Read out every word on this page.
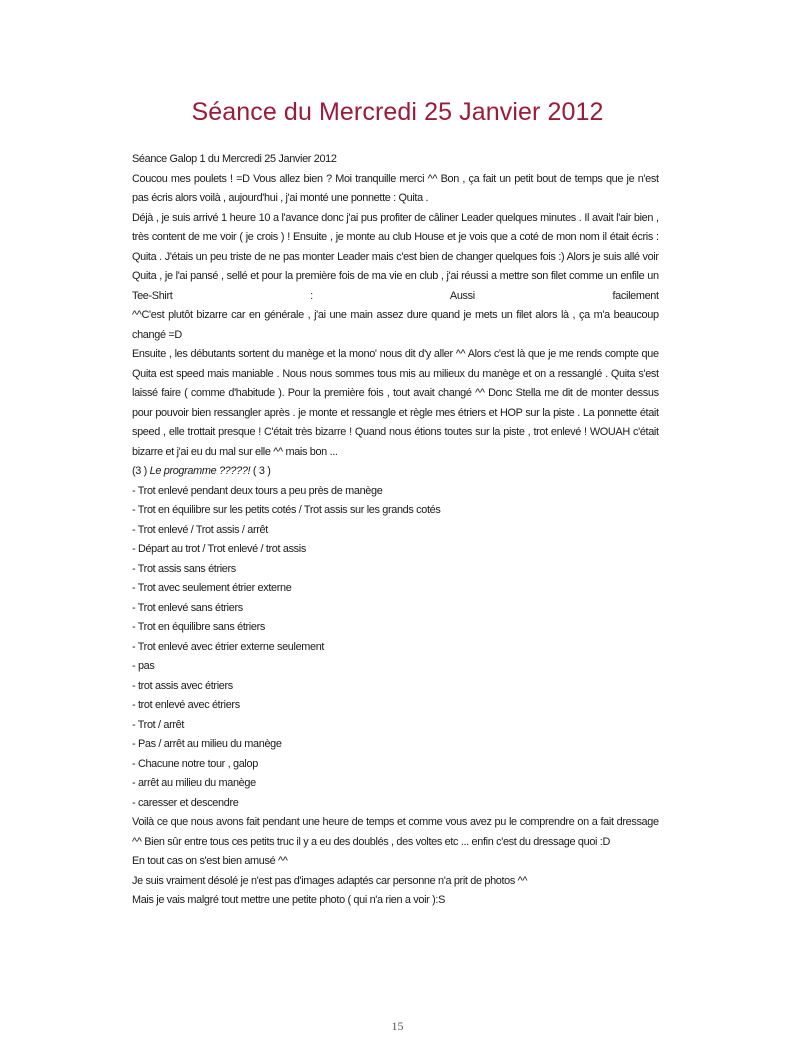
Séance du Mercredi 25 Janvier 2012

Séance Galop 1 du Mercredi 25 Janvier 2012

Coucou mes poulets ! =D Vous allez bien ? Moi tranquille merci ^^ Bon , ça fait un petit bout de temps que je n'est pas écris alors voilà , aujourd'hui , j'ai monté une ponnette : Quita .

Déjà , je suis arrivé 1 heure 10 a l'avance donc j'ai pus profiter de câliner Leader quelques minutes . Il avait l'air bien , très content de me voir ( je crois ) ! Ensuite , je monte au club House et je vois que a coté de mon nom il était écris : Quita . J'étais un peu triste de ne pas monter Leader mais c'est bien de changer quelques fois :) Alors je suis allé voir Quita , je l'ai pansé , sellé et pour la première fois de ma vie en club , j'ai réussi a mettre son filet comme un enfile un Tee-Shirt : Aussi facilement

^^C'est plutôt bizarre car en générale , j'ai une main assez dure quand je mets un filet alors là , ça m'a beaucoup changé =D

Ensuite , les débutants sortent du manège et la mono' nous dit d'y aller ^^ Alors c'est là que je me rends compte que Quita est speed mais maniable . Nous nous sommes tous mis au milieux du manège et on a ressanglé . Quita s'est laissé faire ( comme d'habitude ). Pour la première fois , tout avait changé ^^ Donc Stella me dit de monter dessus pour pouvoir bien ressangler après . je monte et ressangle et règle mes étriers et HOP sur la piste . La ponnette était speed , elle trottait presque ! C'était très bizarre ! Quand nous étions toutes sur la piste , trot enlevé ! WOUAH c'était bizarre et j'ai eu du mal sur elle ^^ mais bon ...

(3 ) Le programme ?????! ( 3 )

- Trot enlevé pendant deux tours a peu près de manège

- Trot en équilibre sur les petits cotés / Trot assis sur les grands cotés

- Trot enlevé / Trot assis / arrêt

- Départ au trot / Trot enlevé / trot assis

- Trot assis sans étriers

- Trot avec seulement étrier externe

- Trot enlevé sans étriers

- Trot en équilibre sans étriers

- Trot enlevé avec étrier externe seulement

- pas

- trot assis avec étriers

- trot enlevé avec étriers

- Trot / arrêt

- Pas / arrêt au milieu du manège

- Chacune notre tour , galop

- arrêt au milieu du manège

- caresser et descendre

Voilà ce que nous avons fait pendant une heure de temps et comme vous avez pu le comprendre on a fait dressage ^^ Bien sûr entre tous ces petits truc il y a eu des doublés , des voltes etc ... enfin c'est du dressage quoi :D

En tout cas on s'est bien amusé ^^

Je suis vraiment désolé je n'est pas d'images adaptés car personne n'a prit de photos ^^

Mais je vais malgré tout mettre une petite photo ( qui n'a rien a voir ):S

15
